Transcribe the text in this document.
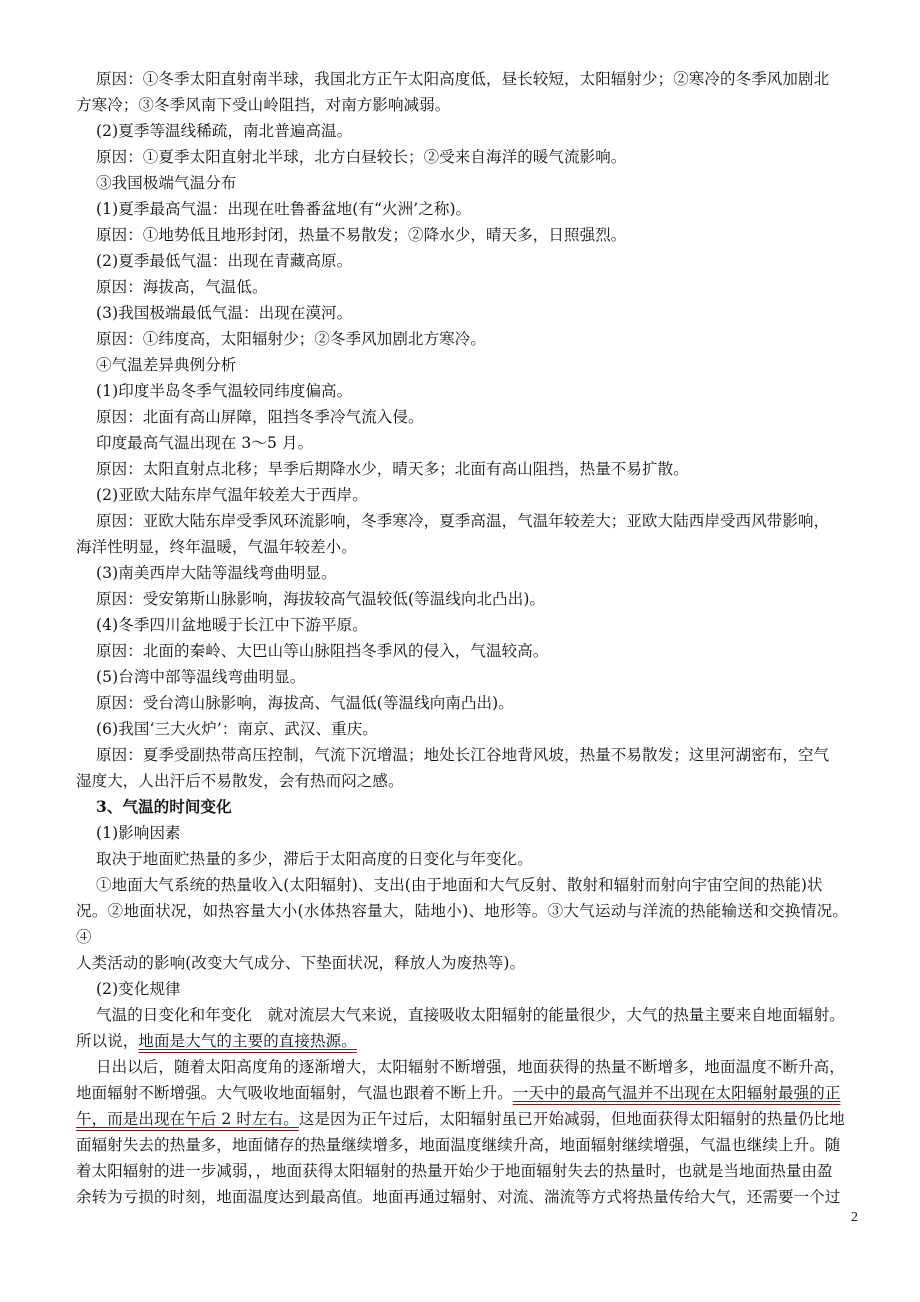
原因：①冬季太阳直射南半球，我国北方正午太阳高度低，昼长较短，太阳辐射少；②寒冷的冬季风加剧北

方寒冷；③冬季风南下受山岭阻挡，对南方影响减弱。

(2)夏季等温线稀疏，南北普遍高温。

原因：①夏季太阳直射北半球，北方白昼较长；②受来自海洋的暖气流影响。

③我国极端气温分布

(1)夏季最高气温：出现在吐鲁番盆地(有“火洲’之称)。

原因：①地势低且地形封闭，热量不易散发；②降水少，晴天多，日照强烈。

(2)夏季最低气温：出现在青藏高原。

原因：海拔高，气温低。

(3)我国极端最低气温：出现在漠河。

原因：①纬度高，太阳辐射少；②冬季风加剧北方寒冷。

④气温差异典例分析

(1)印度半岛冬季气温较同纬度偏高。

原因：北面有高山屏障，阻挡冬季冷气流入侵。

印度最高气温出现在 3～5 月。

原因：太阳直射点北移；旱季后期降水少，晴天多；北面有高山阻挡，热量不易扩散。

(2)亚欧大陆东岸气温年较差大于西岸。

原因：亚欧大陆东岸受季风环流影响，冬季寒冷，夏季高温，气温年较差大；亚欧大陆西岸受西风带影响，

海洋性明显，终年温暖，气温年较差小。

(3)南美西岸大陆等温线弯曲明显。

原因：受安第斯山脉影响，海拔较高气温较低(等温线向北凸出)。

(4)冬季四川盆地暖于长江中下游平原。

原因：北面的秦岭、大巴山等山脉阻挡冬季风的侵入，气温较高。

(5)台湾中部等温线弯曲明显。

原因：受台湾山脉影响，海拔高、气温低(等温线向南凸出)。

(6)我国‘三大火炉’：南京、武汉、重庆。

原因：夏季受副热带高压控制，气流下沉增温；地处长江谷地背风坡，热量不易散发；这里河湖密布，空气

湿度大，人出汗后不易散发，会有热而闷之感。

3、气温的时间变化

(1)影响因素

取决于地面贮热量的多少，滞后于太阳高度的日变化与年变化。

①地面大气系统的热量收入(太阳辐射)、支出(由于地面和大气反射、散射和辐射而射向宇宙空间的热能)状

况。②地面状况，如热容量大小(水体热容量大，陆地小)、地形等。③大气运动与洋流的热能输送和交换情况。④

人类活动的影响(改变大气成分、下垫面状况，释放人为废热等)。

(2)变化规律

气温的日变化和年变化　就对流层大气来说，直接吸收太阳辐射的能量很少，大气的热量主要来自地面辐射。

所以说，地面是大气的主要的直接热源。

日出以后，随着太阳高度角的逐渐增大，太阳辐射不断增强，地面获得的热量不断增多，地面温度不断升高，

地面辐射不断增强。大气吸收地面辐射，气温也跟着不断上升。一天中的最高气温并不出现在太阳辐射最强的正

午，而是出现在午后 2 时左右。这是因为正午过后，太阳辐射虽已开始减弱，但地面获得太阳辐射的热量仍比地

面辐射失去的热量多，地面储存的热量继续增多，地面温度继续升高，地面辐射继续增强，气温也继续上升。随

着太阳辐射的进一步减弱，，地面获得太阳辐射的热量开始少于地面辐射失去的热量时，也就是当地面热量由盈

余转为亏损的时刻，地面温度达到最高值。地面再通过辐射、对流、湍流等方式将热量传给大气，还需要一个过

2
